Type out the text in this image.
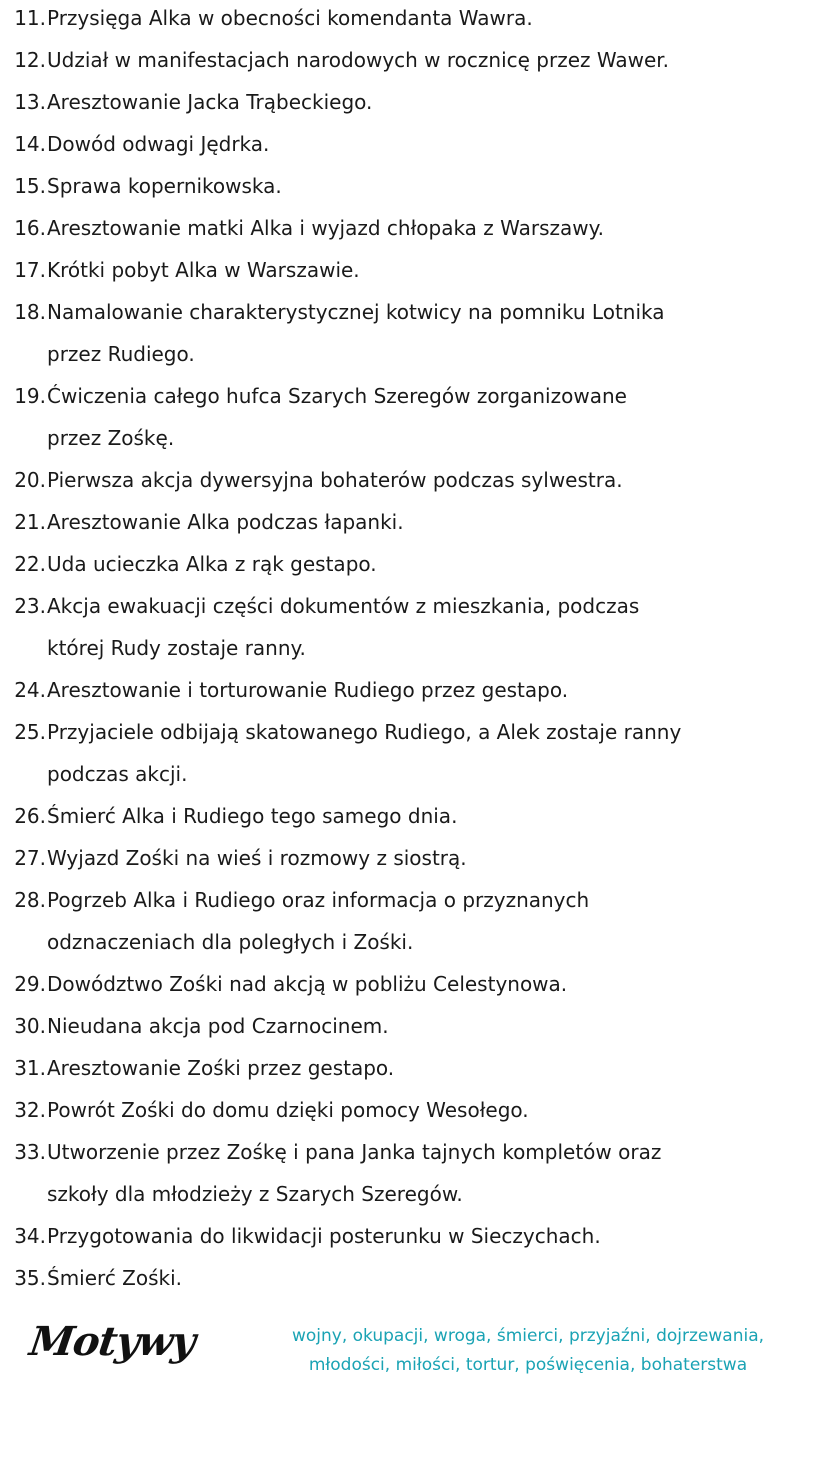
11. Przysięga Alka w obecności komendanta Wawra.
12. Udział w manifestacjach narodowych w rocznicę przez Wawer.
13. Aresztowanie Jacka Trąbeckiego.
14. Dowód odwagi Jędrka.
15. Sprawa kopernikowska.
16. Aresztowanie matki Alka i wyjazd chłopaka z Warszawy.
17. Krótki pobyt Alka w Warszawie.
18. Namalowanie charakterystycznej kotwicy na pomniku Lotnika
przez Rudiego.
19. Ćwiczenia całego hufca Szarych Szeregów zorganizowane
przez Zośkę.
20. Pierwsza akcja dywersyjna bohaterów podczas sylwestra.
21. Aresztowanie Alka podczas łapanki.
22. Uda ucieczka Alka z rąk gestapo.
23. Akcja ewakuacji części dokumentów z mieszkania, podczas
której Rudy zostaje ranny.
24. Aresztowanie i torturowanie Rudiego przez gestapo.
25. Przyjaciele odbijają skatowanego Rudiego, a Alek zostaje ranny
podczas akcji.
26. Śmierć Alka i Rudiego tego samego dnia.
27. Wyjazd Zośki na wieś i rozmowy z siostrą.
28. Pogrzeb Alka i Rudiego oraz informacja o przyznanych
odznaczeniach dla poległych i Zośki.
29. Dowództwo Zośki nad akcją w pobliżu Celestynowa.
30. Nieudana akcja pod Czarnocinem.
31. Aresztowanie Zośki przez gestapo.
32. Powrót Zośki do domu dzięki pomocy Wesołego.
33. Utworzenie przez Zośkę i pana Janka tajnych kompletów oraz
szkoły dla młodzieży z Szarych Szeregów.
34. Przygotowania do likwidacji posterunku w Sieczychach.
35. Śmierć Zośki.
Motywy	wojny, okupacji, wroga, śmierci, przyjaźni, dojrzewania,
młodości, miłości, tortur, poświęcenia, bohaterstwa
